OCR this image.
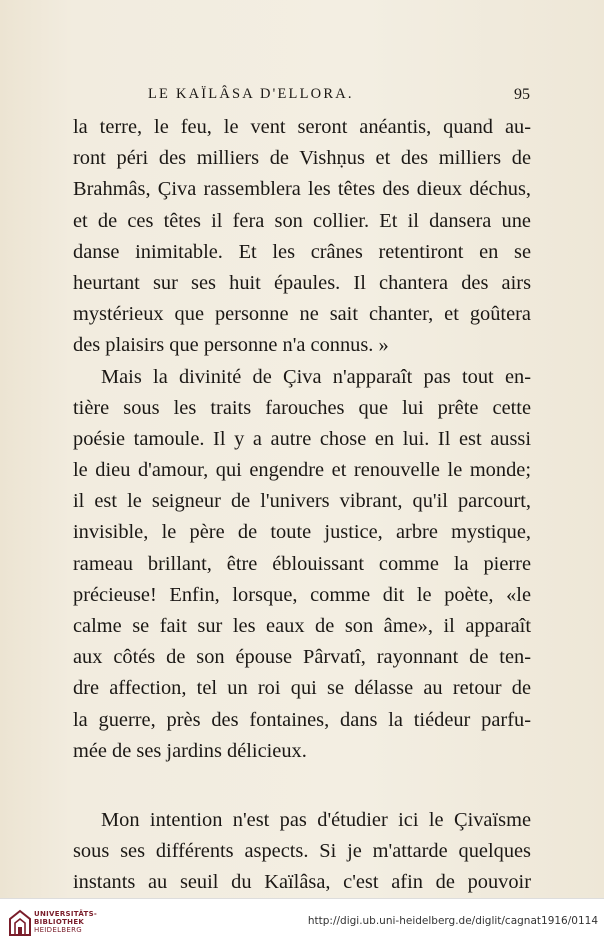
LE KAÏLÂSA D'ELLORA.	95
la terre, le feu, le vent seront anéantis, quand au-
ront péri des milliers de Vishṇus et des milliers de
Brahmâs, Çiva rassemblera les têtes des dieux déchus,
et de ces têtes il fera son collier. Et il dansera une
danse inimitable. Et les crânes retentiront en se
heurtant sur ses huit épaules. Il chantera des airs
mystérieux que personne ne sait chanter, et goûtera
des plaisirs que personne n'a connus. »
Mais la divinité de Çiva n'apparaît pas tout en-
tière sous les traits farouches que lui prête cette
poésie tamoule. Il y a autre chose en lui. Il est aussi
le dieu d'amour, qui engendre et renouvelle le monde;
il est le seigneur de l'univers vibrant, qu'il parcourt,
invisible, le père de toute justice, arbre mystique,
rameau brillant, être éblouissant comme la pierre
précieuse! Enfin, lorsque, comme dit le poète, «le
calme se fait sur les eaux de son âme», il apparaît
aux côtés de son épouse Pârvatî, rayonnant de ten-
dre affection, tel un roi qui se délasse au retour de
la guerre, près des fontaines, dans la tiédeur parfu-
mée de ses jardins délicieux.
Mon intention n'est pas d'étudier ici le Çivaïsme
sous ses différents aspects. Si je m'attarde quelques
instants au seuil du Kaïlâsa, c'est afin de pouvoir
UNIVERSITÄTS-
BIBLIOTHEK
HEIDELBERG
http://digi.ub.uni-heidelberg.de/diglit/cagnat1916/0114
